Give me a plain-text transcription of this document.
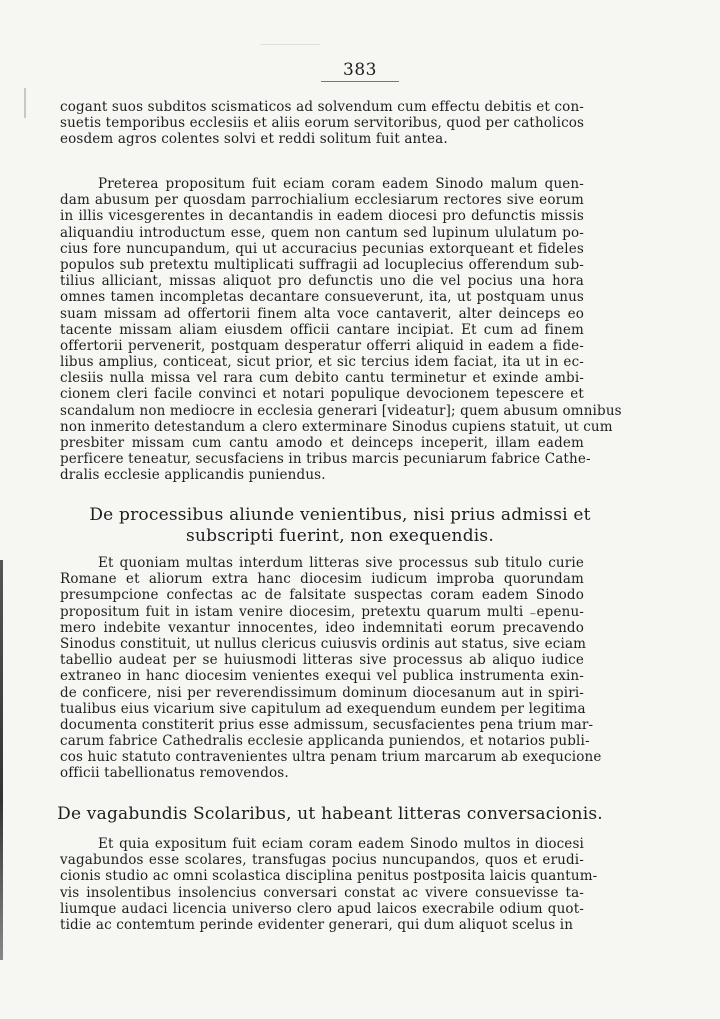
383
cogant suos subditos scismaticos ad solvendum cum effectu debitis et con-
suetis temporibus ecclesiis et aliis eorum servitoribus, quod per catholicos
eosdem agros colentes solvi et reddi solitum fuit antea.
Preterea propositum fuit eciam coram eadem Sinodo malum quen-
dam abusum per quosdam parrochialium ecclesiarum rectores sive eorum
in illis vicesgerentes in decantandis in eadem diocesi pro defunctis missis
aliquandiu introductum esse, quem non cantum sed lupinum ululatum po-
cius fore nuncupandum, qui ut accuracius pecunias extorqueant et fideles
populos sub pretextu multiplicati suffragii ad locuplecius offerendum sub-
tilius alliciant, missas aliquot pro defunctis uno die vel pocius una hora
omnes tamen incompletas decantare consueverunt, ita, ut postquam unus
suam missam ad offertorii finem alta voce cantaverit, alter deinceps eo
tacente missam aliam eiusdem officii cantare incipiat. Et cum ad finem
offertorii pervenerit, postquam desperatur offerri aliquid in eadem a fide-
libus amplius, conticeat, sicut prior, et sic tercius idem faciat, ita ut in ec-
clesiis nulla missa vel rara cum debito cantu terminetur et exinde ambi-
cionem cleri facile convinci et notari populique devocionem tepescere et
scandalum non mediocre in ecclesia generari [videatur]; quem abusum omnibus
non inmerito detestandum a clero exterminare Sinodus cupiens statuit, ut cum
presbiter missam cum cantu amodo et deinceps inceperit, illam eadem
perficere teneatur, secusfaciens in tribus marcis pecuniarum fabrice Cathe-
dralis ecclesie applicandis puniendus.
De processibus aliunde venientibus, nisi prius admissi et
subscripti fuerint, non exequendis.
Et quoniam multas interdum litteras sive processus sub titulo curie
Romane et aliorum extra hanc diocesim iudicum improba quorundam
presumpcione confectas ac de falsitate suspectas coram eadem Sinodo
propositum fuit in istam venire diocesim, pretextu quarum multi ₋epenu-
mero indebite vexantur innocentes, ideo indemnitati eorum precavendo
Sinodus constituit, ut nullus clericus cuiusvis ordinis aut status, sive eciam
tabellio audeat per se huiusmodi litteras sive processus ab aliquo iudice
extraneo in hanc diocesim venientes exequi vel publica instrumenta exin-
de conficere, nisi per reverendissimum dominum diocesanum aut in spiri-
tualibus eius vicarium sive capitulum ad exequendum eundem per legitima
documenta constiterit prius esse admissum, secusfacientes pena trium mar-
carum fabrice Cathedralis ecclesie applicanda puniendos, et notarios publi-
cos huic statuto contravenientes ultra penam trium marcarum ab exequcione
officii tabellionatus removendos.
De vagabundis Scolaribus, ut habeant litteras conversacionis.
Et quia expositum fuit eciam coram eadem Sinodo multos in diocesi
vagabundos esse scolares, transfugas pocius nuncupandos, quos et erudi-
cionis studio ac omni scolastica disciplina penitus postposita laicis quantum-
vis insolentibus insolencius conversari constat ac vivere consuevisse ta-
liumque audaci licencia universo clero apud laicos execrabile odium quot-
tidie ac contemtum perinde evidenter generari, qui dum aliquot scelus in
